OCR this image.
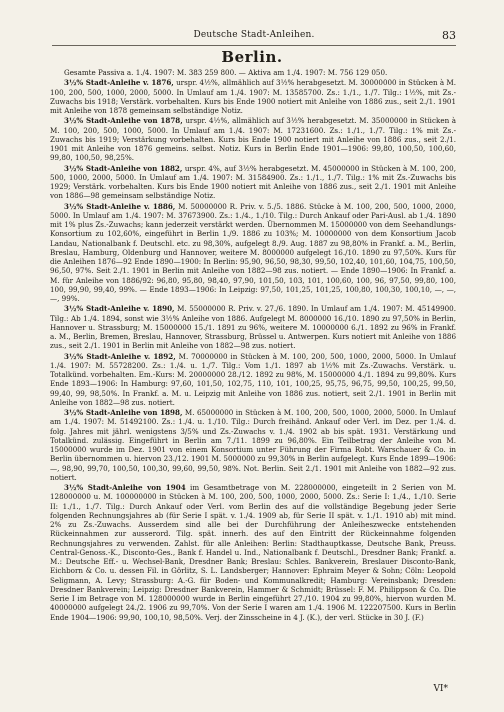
Deutsche Stadt-Anleihen.	83
Berlin.

Gesamte Passiva a. 1./4. 1907: M. 383 259 800. — Aktiva am 1./4. 1907: M. 756 129 050.

3½% Stadt-Anleihe v. 1876, urspr. 4½%, allmählich auf 3½% herabgesetzt. M. 30000000 in Stücken à M. 100, 200, 500, 1000, 2000, 5000. In Umlauf am 1./4. 1907: M. 13585700. Zs.: 1./1., 1./7. Tilg.: 1½%, mit Zs.-Zuwachs bis 1918; Verstärk. vorbehalten. Kurs bis Ende 1900 notiert mit Anleihe von 1886 zus., seit 2./1. 1901 mit Anleihe von 1878 gemeinsam selbständige Notiz.

3½% Stadt-Anleihe von 1878, urspr. 4½%, allmählich auf 3½% herabgesetzt. M. 35000000 in Stücken à M. 100, 200, 500, 1000, 5000. In Umlauf am 1./4. 1907: M. 17231600. Zs.: 1./1., 1./7. Tilg.: 1% mit Zs.-Zuwachs bis 1919; Verstärkung vorbehalten. Kurs bis Ende 1900 notiert mit Anleihe von 1886 zus., seit 2./1. 1901 mit Anleihe von 1876 gemeins. selbst. Notiz. Kurs in Berlin Ende 1901—1906: 99,80, 100,50, 100,60, 99,80, 100,50, 98,25%.

3½% Stadt-Anleihe von 1882, urspr. 4%, auf 3½% herabgesetzt. M. 45000000 in Stücken à M. 100, 200, 500, 1000, 2000, 5000. In Umlauf am 1./4. 1907: M. 31584900. Zs.: 1./1., 1./7. Tilg.: 1% mit Zs.-Zuwachs bis 1929; Verstärk. vorbehalten. Kurs bis Ende 1900 notiert mit Anleihe von 1886 zus., seit 2./1. 1901 mit Anleihe von 1886—98 gemeinsam selbständige Notiz.

3½% Stadt-Anleihe v. 1886, M. 50000000 R. Priv. v. 5./5. 1886. Stücke à M. 100, 200, 500, 1000, 2000, 5000. In Umlauf am 1./4. 1907: M. 37673900. Zs.: 1./4., 1./10. Tilg.: Durch Ankauf oder Pari-Ausl. ab 1./4. 1890 mit 1% plus Zs.-Zuwachs; kann jederzeit verstärkt werden. Übernommen M. 15000000 von dem Seehandlungs-Konsortium zu 102,60%, eingeführt in Berlin 1./9. 1886 zu 103%; M. 10000000 von dem Konsortium Jacob Landau, Nationalbank f. Deutschl. etc. zu 98,30%, aufgelegt 8./9. Aug. 1887 zu 98,80% in Frankf. a. M., Berlin, Breslau, Hamburg, Oldenburg und Hannover, weitere M. 8000000 aufgelegt 16./10. 1890 zu 97,50%. Kurs für die Anleihen 1876—92 Ende 1890—1900: In Berlin: 95,90, 96,50, 98,30, 99,50, 102,40, 101,60, 104,75, 100,50, 96,50, 97%. Seit 2./1. 1901 in Berlin mit Anleihe von 1882—98 zus. notiert. — Ende 1890—1906: In Frankf. a. M. für Anleihe von 1886/92: 96,80, 95,80, 98,40, 97,90, 101,50, 103, 101, 100,60, 100, 96, 97,50, 99,80, 100, 100, 99,90, 99,40, 99%. — Ende 1893—1906: In Leipzig: 97,50, 101,25, 101,25, 100,80, 100,30, 100,10, —, —, —, 99%.

3½% Stadt-Anleihe v. 1890, M. 55000000 R. Priv. v. 27./6. 1890. In Umlauf am 1./4. 1907: M. 45149900. Tilg.: Ab 1./4. 1894, sonst wie 3½% Anleihe von 1886. Aufgelegt M. 8000000 16./10. 1890 zu 97,50% in Berlin, Hannover u. Strassburg; M. 15000000 15./1. 1891 zu 96%, weitere M. 10000000 6./1. 1892 zu 96% in Frankf. a. M., Berlin, Bremen, Breslau, Hannover, Strassburg, Brüssel u. Antwerpen. Kurs notiert mit Anleihe von 1886 zus., seit 2./1. 1901 in Berlin mit Anleihe von 1882—98 zus. notiert.

3½% Stadt-Anleihe v. 1892, M. 70000000 in Stücken à M. 100, 200, 500, 1000, 2000, 5000. In Umlauf 1./4. 1907: M. 55728200. Zs.: 1./4. u. 1./7. Tilg.: Vom 1./1. 1897 ab 1½% mit Zs.-Zuwachs. Verstärk. u. Totalkünd. vorbehalten. Em.-Kurs: M. 20000000 28./12. 1892 zu 98%, M. 15000000 4./1. 1894 zu 99,80%. Kurs Ende 1893—1906: In Hamburg: 97,60, 101,50, 102,75, 110, 101, 100,25, 95,75, 96,75, 99,50, 100,25, 99,50, 99,40, 99, 98,50%. In Frankf. a. M. u. Leipzig mit Anleihe von 1886 zus. notiert, seit 2./1. 1901 in Berlin mit Anleihe von 1882—98 zus. notiert.

3½% Stadt-Anleihe von 1898, M. 65000000 in Stücken à M. 100, 200, 500, 1000, 2000, 5000. In Umlauf am 1./4. 1907: M. 51492100. Zs.: 1./4. u. 1./10. Tilg.: Durch freihänd. Ankauf oder Verl. im Dez. per 1./4. d. folg. Jahres mit jährl. wenigstens 3/5% und Zs.-Zuwachs v. 1./4. 1902 ab bis spät. 1931. Verstärkung und Totalkünd. zulässig. Eingeführt in Berlin am 7./11. 1899 zu 96,80%. Ein Teilbetrag der Anleihe von M. 15000000 wurde im Dez. 1901 von einem Konsortium unter Führung der Firma Robt. Warschauer & Co. in Berlin übernommen u. hiervon 23./12. 1901 M. 5000000 zu 99,30% in Berlin aufgelegt. Kurs Ende 1899—1906: —, 98,90, 99,70, 100,50, 100,30, 99,60, 99,50, 98%. Not. Berlin. Seit 2./1. 1901 mit Anleihe von 1882—92 zus. notiert.

3½% Stadt-Anleihe von 1904 im Gesamtbetrage von M. 228000000, eingeteilt in 2 Serien von M. 128000000 u. M. 100000000 in Stücken à M. 100, 200, 500, 1000, 2000, 5000. Zs.: Serie I: 1./4., 1./10. Serie II: 1./1., 1./7. Tilg.: Durch Ankauf oder Verl. vom Berlin des auf die vollständige Begebung jeder Serie folgenden Rechnungsjahres ab (für Serie I spät. v. 1./4. 1909 ab, für Serie II spät. v. 1./1. 1910 ab) mit mind. 2% zu Zs.-Zuwachs. Ausserdem sind alle bei der Durchführung der Anleiheszwecke entstehenden Rückeinnahmen zur ausserord. Tilg. spät. innerh. des auf den Eintritt der Rückeinnahme folgenden Rechnungsjahres zu verwenden. Zahlst. für alle Anleihen: Berlin: Stadthauptkasse, Deutsche Bank, Preuss. Central-Genoss.-K., Disconto-Ges., Bank f. Handel u. Ind., Nationalbank f. Deutschl., Dresdner Bank; Frankf. a. M.: Deutsche Eff.- u. Wechsel-Bank, Dresdner Bank; Breslau: Schles. Bankverein, Breslauer Disconto-Bank, Eichborn & Co. u. dessen Fil. in Görlitz, S. L. Landsberger; Hannover: Ephraim Meyer & Sohn; Cöln: Leopold Seligmann, A. Levy; Strassburg: A.-G. für Boden- und Kommunalkredit; Hamburg: Vereinsbank; Dresden: Dresdner Bankverein; Leipzig: Dresdner Bankverein, Hammer & Schmidt; Brüssel: F. M. Philippson & Co. Die Serie I im Betrage von M. 128000000 wurde in Berlin eingeführt 27./10. 1904 zu 99,80%, hiervon wurden M. 40000000 aufgelegt 24./2. 1906 zu 99,70%. Von der Serie I waren am 1./4. 1906 M. 122207500. Kurs in Berlin Ende 1904—1906: 99,90, 100,10, 98,50%. Verj. der Zinsscheine in 4 J. (K.), der verl. Stücke in 30 J. (F.)

VI*
